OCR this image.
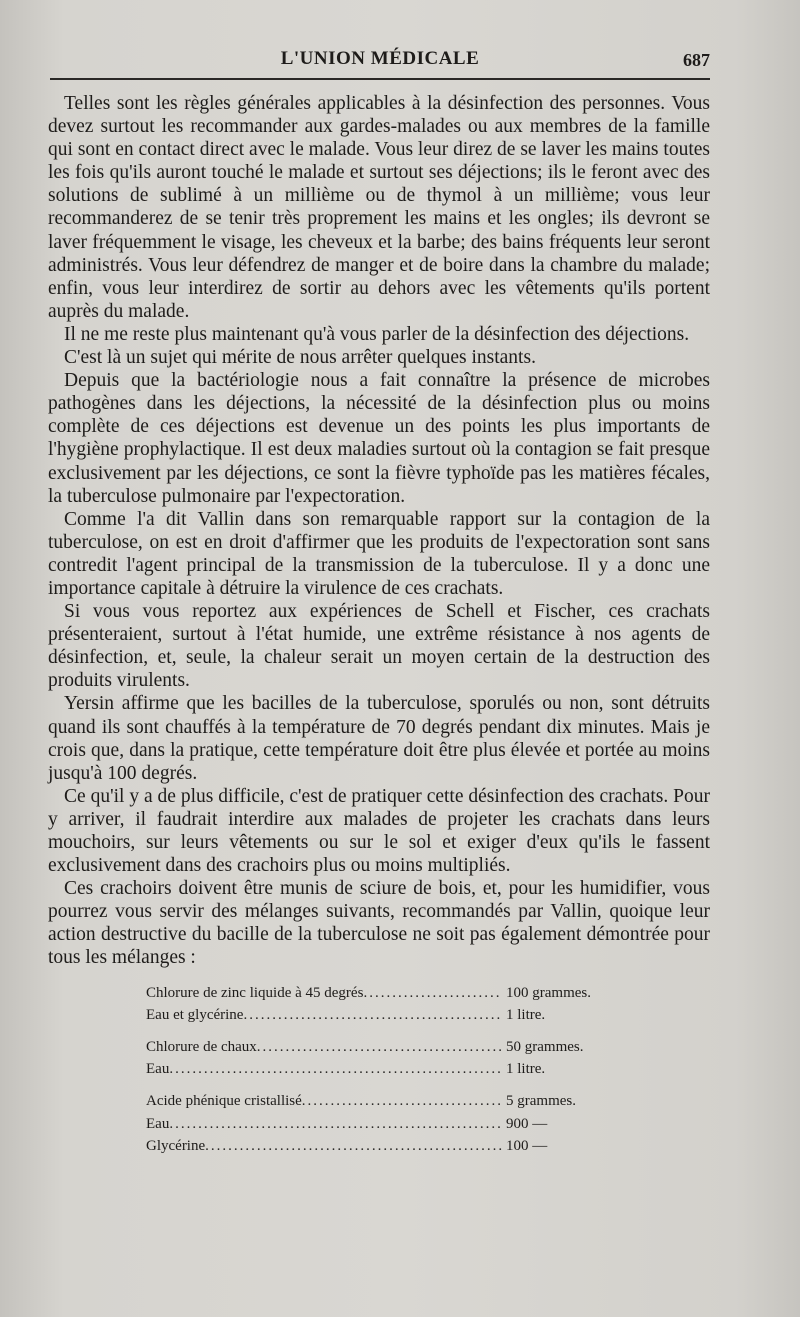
L'UNION MÉDICALE	687

Telles sont les règles générales applicables à la désinfection des personnes. Vous devez surtout les recommander aux gardes-malades ou aux membres de la famille qui sont en contact direct avec le malade. Vous leur direz de se laver les mains toutes les fois qu'ils auront touché le malade et surtout ses déjections; ils le feront avec des solutions de sublimé à un millième ou de thymol à un millième; vous leur recommanderez de se tenir très proprement les mains et les ongles; ils devront se laver fréquemment le visage, les cheveux et la barbe; des bains fréquents leur seront administrés. Vous leur défendrez de manger et de boire dans la chambre du malade; enfin, vous leur interdirez de sortir au dehors avec les vêtements qu'ils portent auprès du malade.

Il ne me reste plus maintenant qu'à vous parler de la désinfection des déjections.

C'est là un sujet qui mérite de nous arrêter quelques instants.

Depuis que la bactériologie nous a fait connaître la présence de microbes pathogènes dans les déjections, la nécessité de la désinfection plus ou moins complète de ces déjections est devenue un des points les plus importants de l'hygiène prophylactique. Il est deux maladies surtout où la contagion se fait presque exclusivement par les déjections, ce sont la fièvre typhoïde pas les matières fécales, la tuberculose pulmonaire par l'expectoration.

Comme l'a dit Vallin dans son remarquable rapport sur la contagion de la tuberculose, on est en droit d'affirmer que les produits de l'expectoration sont sans contredit l'agent principal de la transmission de la tuberculose. Il y a donc une importance capitale à détruire la virulence de ces crachats.

Si vous vous reportez aux expériences de Schell et Fischer, ces crachats présenteraient, surtout à l'état humide, une extrême résistance à nos agents de désinfection, et, seule, la chaleur serait un moyen certain de la destruction des produits virulents.

Yersin affirme que les bacilles de la tuberculose, sporulés ou non, sont détruits quand ils sont chauffés à la température de 70 degrés pendant dix minutes. Mais je crois que, dans la pratique, cette température doit être plus élevée et portée au moins jusqu'à 100 degrés.

Ce qu'il y a de plus difficile, c'est de pratiquer cette désinfection des crachats. Pour y arriver, il faudrait interdire aux malades de projeter les crachats dans leurs mouchoirs, sur leurs vêtements ou sur le sol et exiger d'eux qu'ils le fassent exclusivement dans des crachoirs plus ou moins multipliés.

Ces crachoirs doivent être munis de sciure de bois, et, pour les humidifier, vous pourrez vous servir des mélanges suivants, recommandés par Vallin, quoique leur action destructive du bacille de la tuberculose ne soit pas également démontrée pour tous les mélanges :

Chlorure de zinc liquide à 45 degrés .....	100 grammes.
Eau et glycérine .....	1 litre.
Chlorure de chaux .....	50 grammes.
Eau .....	1 litre.
Acide phénique cristallisé .....	5 grammes.
Eau .....	900 —
Glycérine .....	100 —
